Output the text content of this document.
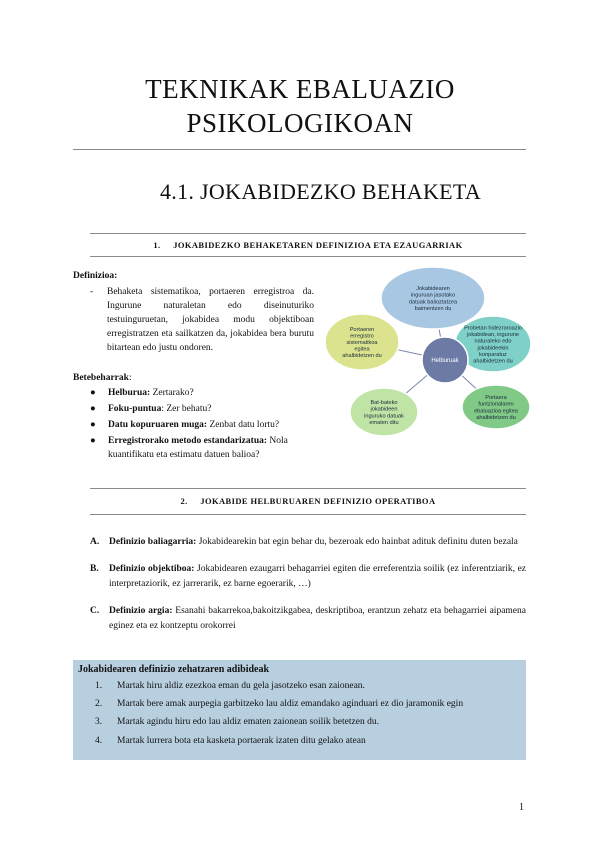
TEKNIKAK EBALUAZIO
PSIKOLOGIKOAN
4.1. JOKABIDEZKO BEHAKETA
1. JOKABIDEZKO BEHAKETAREN DEFINIZIOA ETA EZAUGARRIAK
Definizioa:
- Behaketa sistematikoa, portaeren erregistroa da. Ingurune naturaletan edo diseinuturiko testuinguruetan, jokabidea modu objektiboan erregistratzen eta sailkatzen da, jokabidea bera burutu bitartean edo justu ondoren.
Betebeharrak:
●	Helburua: Zertarako?
●	Foku-puntua: Zer behatu?
●	Datu kopuruaren muga: Zenbat datu lortu?
●	Erregistrorako metodo estandarizatua: Nola kuantifikatu eta estimatu datuen balioa?
Jokabidearen
inguruan jasotako
datuak balioztatzea
baimentzen du
Probetan hidezraroazio
jokabidean, ingurune
naturaleko edo
jokabideekin
konparatuz
ahalbidetzen du
Portaera
funtzionalaren
ebaluazioa egitea
ahalbidetzen du
Bat-bateko
jokabideen
inguruko datuak
ematen ditu
Portaeren
erregistro
sistematikoa
egitea
ahalbidetzen du
Helburuak
2. JOKABIDE HELBURUAREN DEFINIZIO OPERATIBOA
A.	Definizio baliagarria: Jokabidearekin bat egin behar du, bezeroak edo hainbat adituk definitu duten bezala
B.	Definizio objektiboa: Jokabidearen ezaugarri behagarriei egiten die erreferentzia soilik (ez inferentziarik, ez interpretaziorik, ez jarrerarik, ez barne egoerarik, …)
C.	Definizio argia: Esanahi bakarrekoa,bakoitzikgabea, deskriptiboa, erantzun zehatz eta behagarriei aipamena eginez eta ez kontzeptu orokorrei
Jokabidearen definizio zehatzaren adibideak
1.	Martak hiru aldiz ezezkoa eman du gela jasotzeko esan zaionean.
2.	Martak bere amak aurpegia garbitzeko lau aldiz emandako aginduari ez dio jaramonik egin
3.	Martak agindu hiru edo lau aldiz ematen zaionean soilik betetzen du.
4.	Martak lurrera bota eta kasketa portaerak izaten ditu gelako atean
1
